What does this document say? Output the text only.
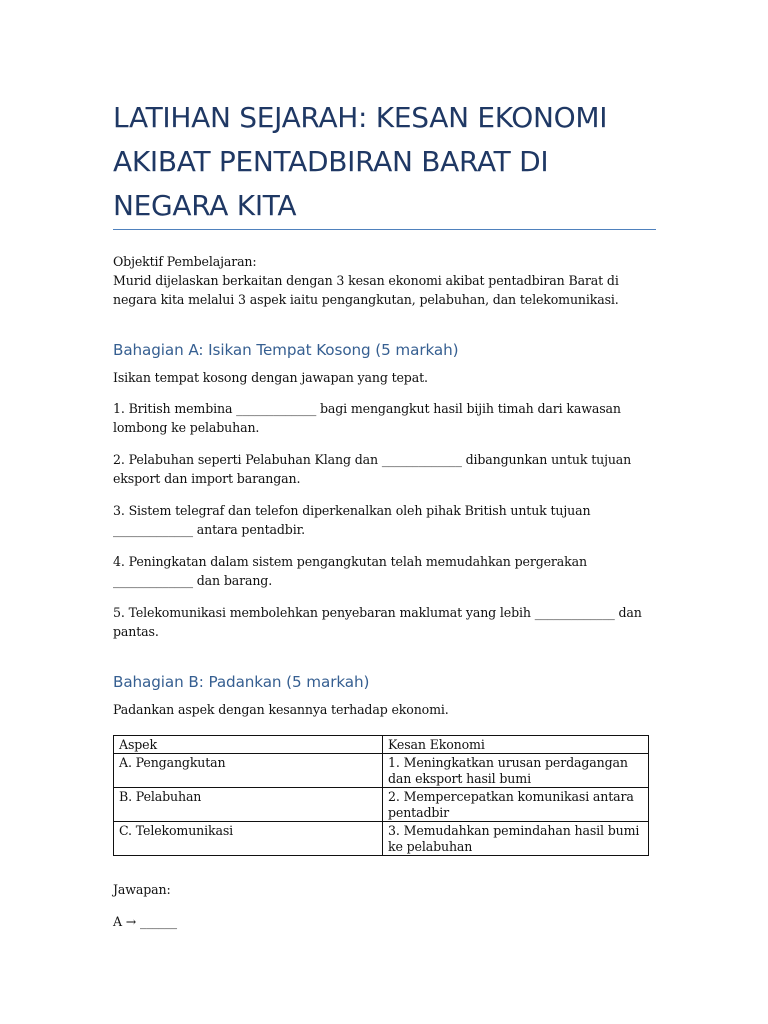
LATIHAN SEJARAH: KESAN EKONOMI AKIBAT PENTADBIRAN BARAT DI NEGARA KITA
Objektif Pembelajaran:
Murid dijelaskan berkaitan dengan 3 kesan ekonomi akibat pentadbiran Barat di negara kita melalui 3 aspek iaitu pengangkutan, pelabuhan, dan telekomunikasi.
Bahagian A: Isikan Tempat Kosong (5 markah)
Isikan tempat kosong dengan jawapan yang tepat.
1. British membina _____________ bagi mengangkut hasil bijih timah dari kawasan lombong ke pelabuhan.
2. Pelabuhan seperti Pelabuhan Klang dan _____________ dibangunkan untuk tujuan eksport dan import barangan.
3. Sistem telegraf dan telefon diperkenalkan oleh pihak British untuk tujuan _____________ antara pentadbir.
4. Peningkatan dalam sistem pengangkutan telah memudahkan pergerakan _____________ dan barang.
5. Telekomunikasi membolehkan penyebaran maklumat yang lebih _____________ dan pantas.
Bahagian B: Padankan (5 markah)
Padankan aspek dengan kesannya terhadap ekonomi.
Aspek	Kesan Ekonomi
A. Pengangkutan	1. Meningkatkan urusan perdagangan dan eksport hasil bumi
B. Pelabuhan	2. Mempercepatkan komunikasi antara pentadbir
C. Telekomunikasi	3. Memudahkan pemindahan hasil bumi ke pelabuhan
Jawapan:
A → ______
